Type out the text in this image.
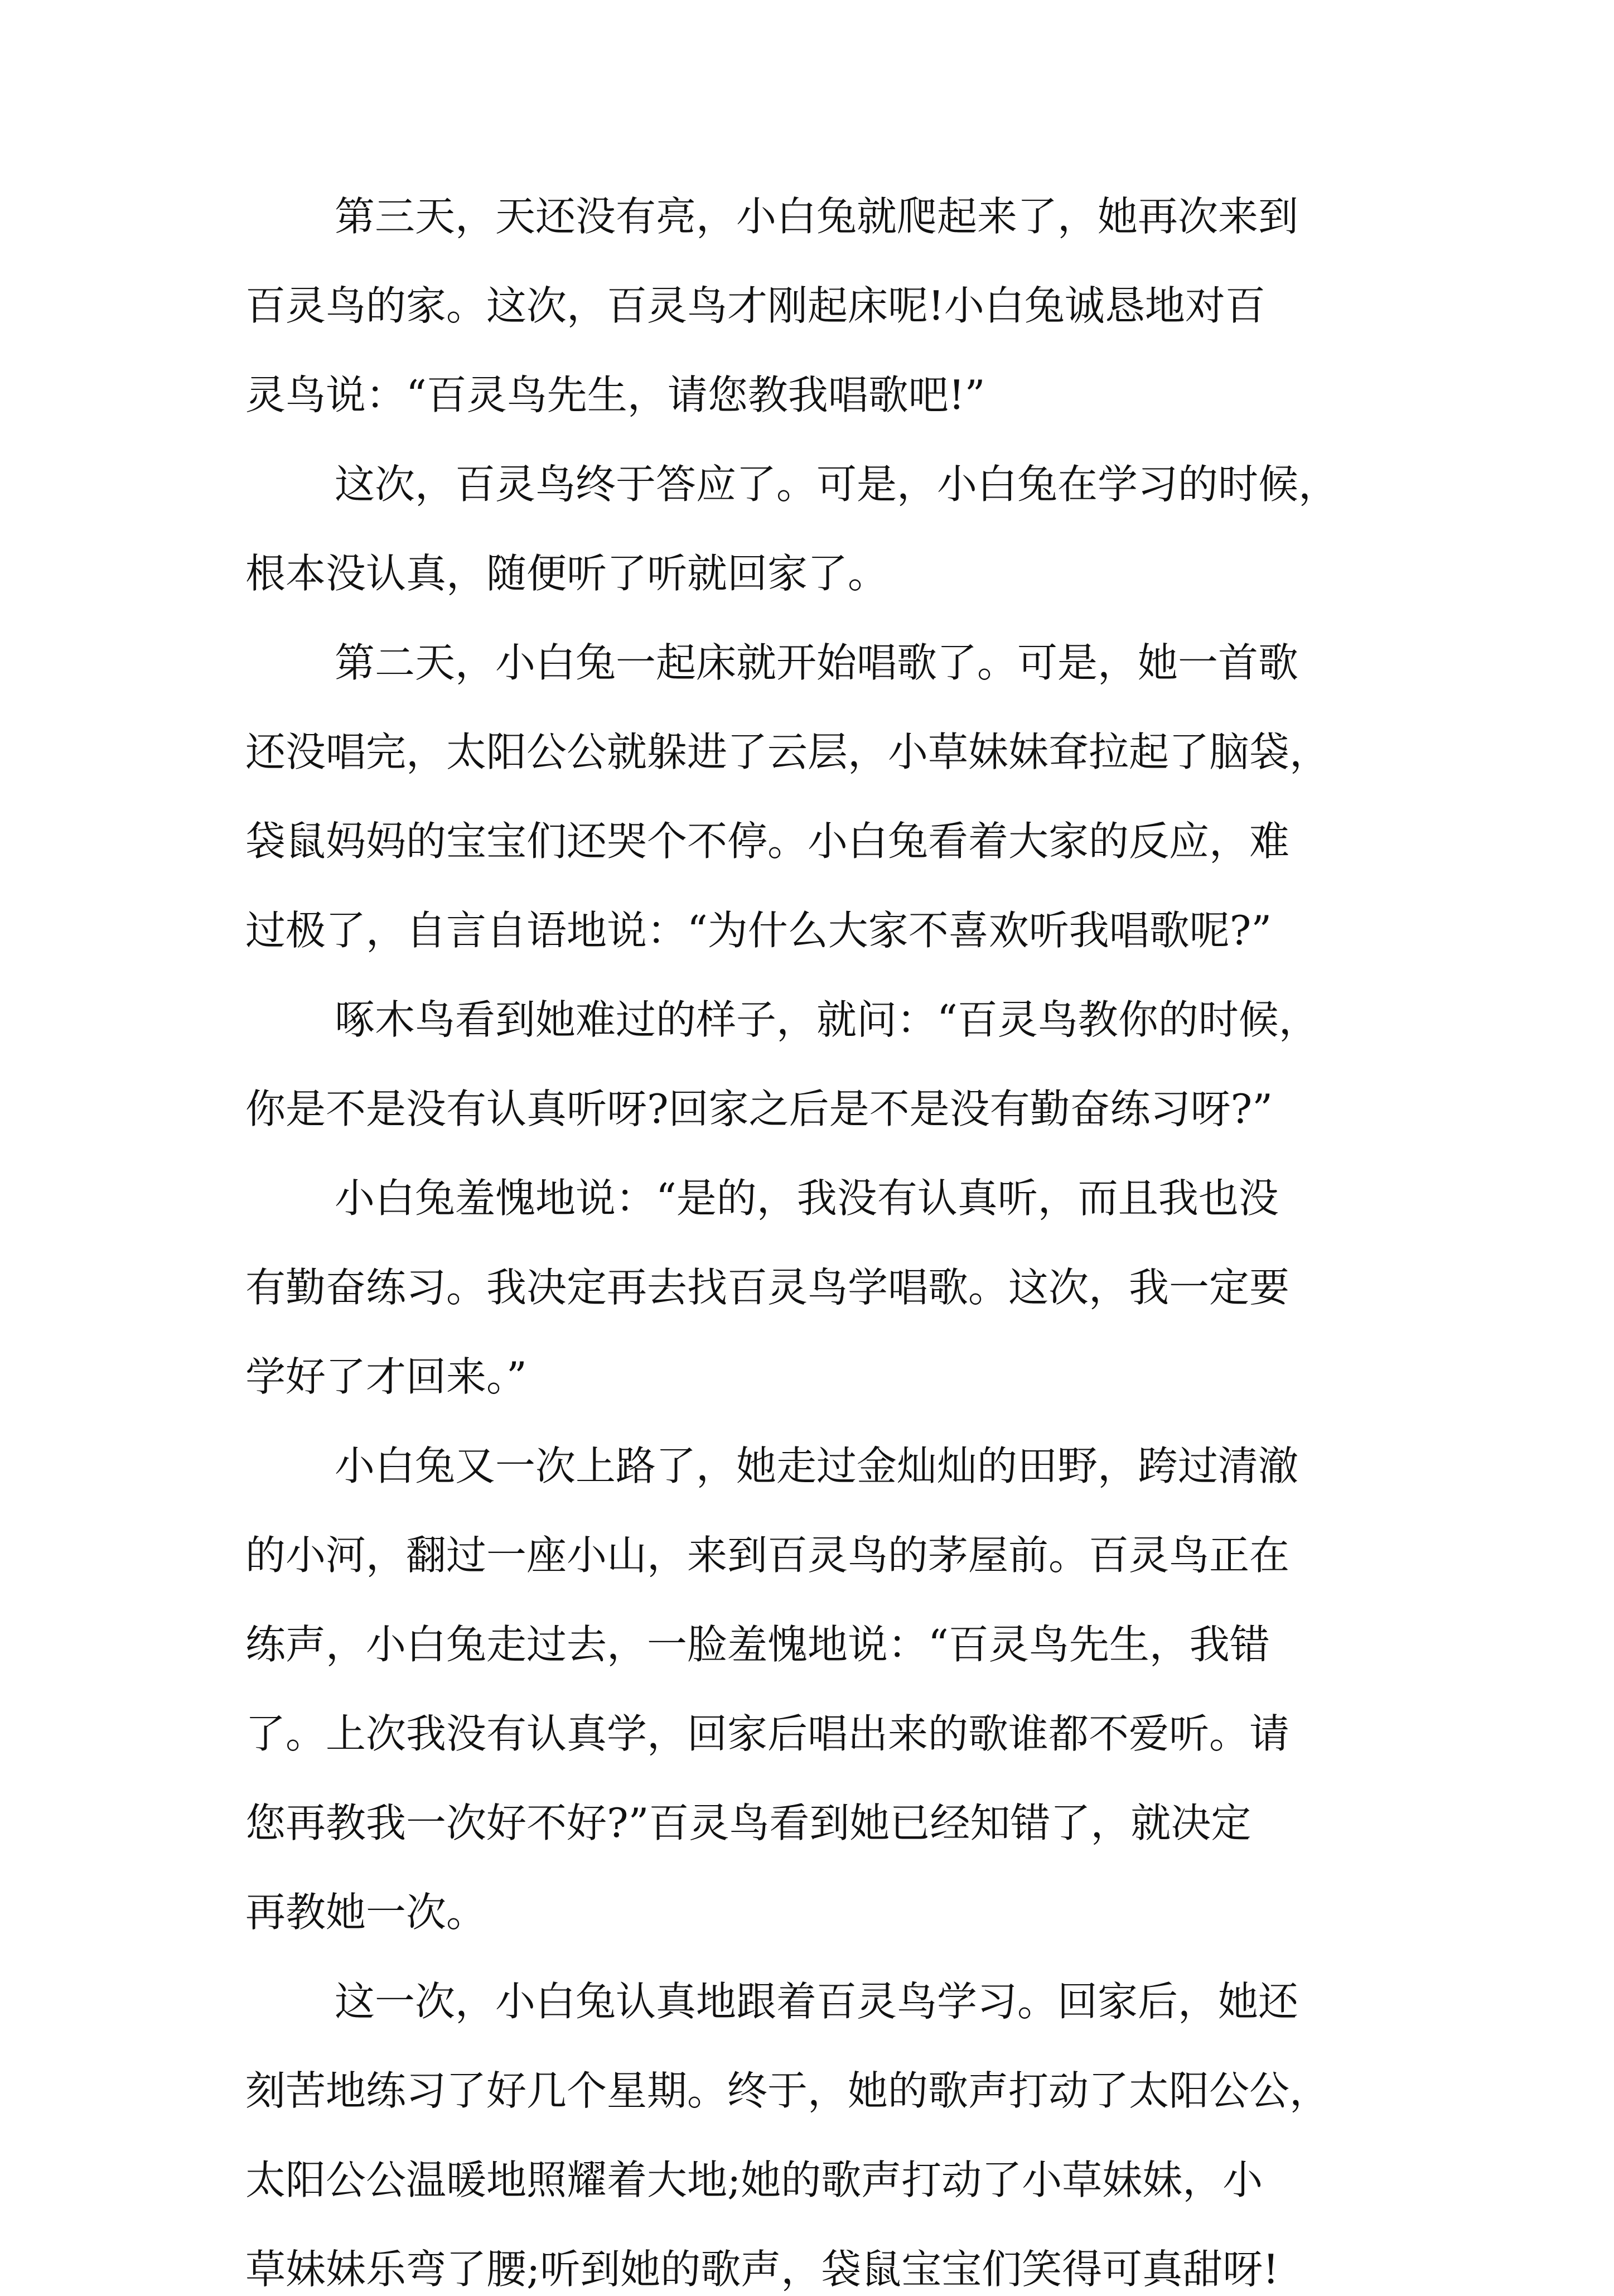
第三天，天还没有亮，小白兔就爬起来了，她再次来到
百灵鸟的家。这次，百灵鸟才刚起床呢!小白兔诚恳地对百
灵鸟说：“百灵鸟先生，请您教我唱歌吧!”
这次，百灵鸟终于答应了。可是，小白兔在学习的时候，
根本没认真，随便听了听就回家了。
第二天，小白兔一起床就开始唱歌了。可是，她一首歌
还没唱完，太阳公公就躲进了云层，小草妹妹耷拉起了脑袋，
袋鼠妈妈的宝宝们还哭个不停。小白兔看着大家的反应，难
过极了，自言自语地说：“为什么大家不喜欢听我唱歌呢?”
啄木鸟看到她难过的样子，就问：“百灵鸟教你的时候，
你是不是没有认真听呀?回家之后是不是没有勤奋练习呀?”
小白兔羞愧地说：“是的，我没有认真听，而且我也没
有勤奋练习。我决定再去找百灵鸟学唱歌。这次，我一定要
学好了才回来。”
小白兔又一次上路了，她走过金灿灿的田野，跨过清澈
的小河，翻过一座小山，来到百灵鸟的茅屋前。百灵鸟正在
练声，小白兔走过去，一脸羞愧地说：“百灵鸟先生，我错
了。上次我没有认真学，回家后唱出来的歌谁都不爱听。请
您再教我一次好不好?”百灵鸟看到她已经知错了，就决定
再教她一次。
这一次，小白兔认真地跟着百灵鸟学习。回家后，她还
刻苦地练习了好几个星期。终于，她的歌声打动了太阳公公，
太阳公公温暖地照耀着大地;她的歌声打动了小草妹妹，小
草妹妹乐弯了腰;听到她的歌声，袋鼠宝宝们笑得可真甜呀!
